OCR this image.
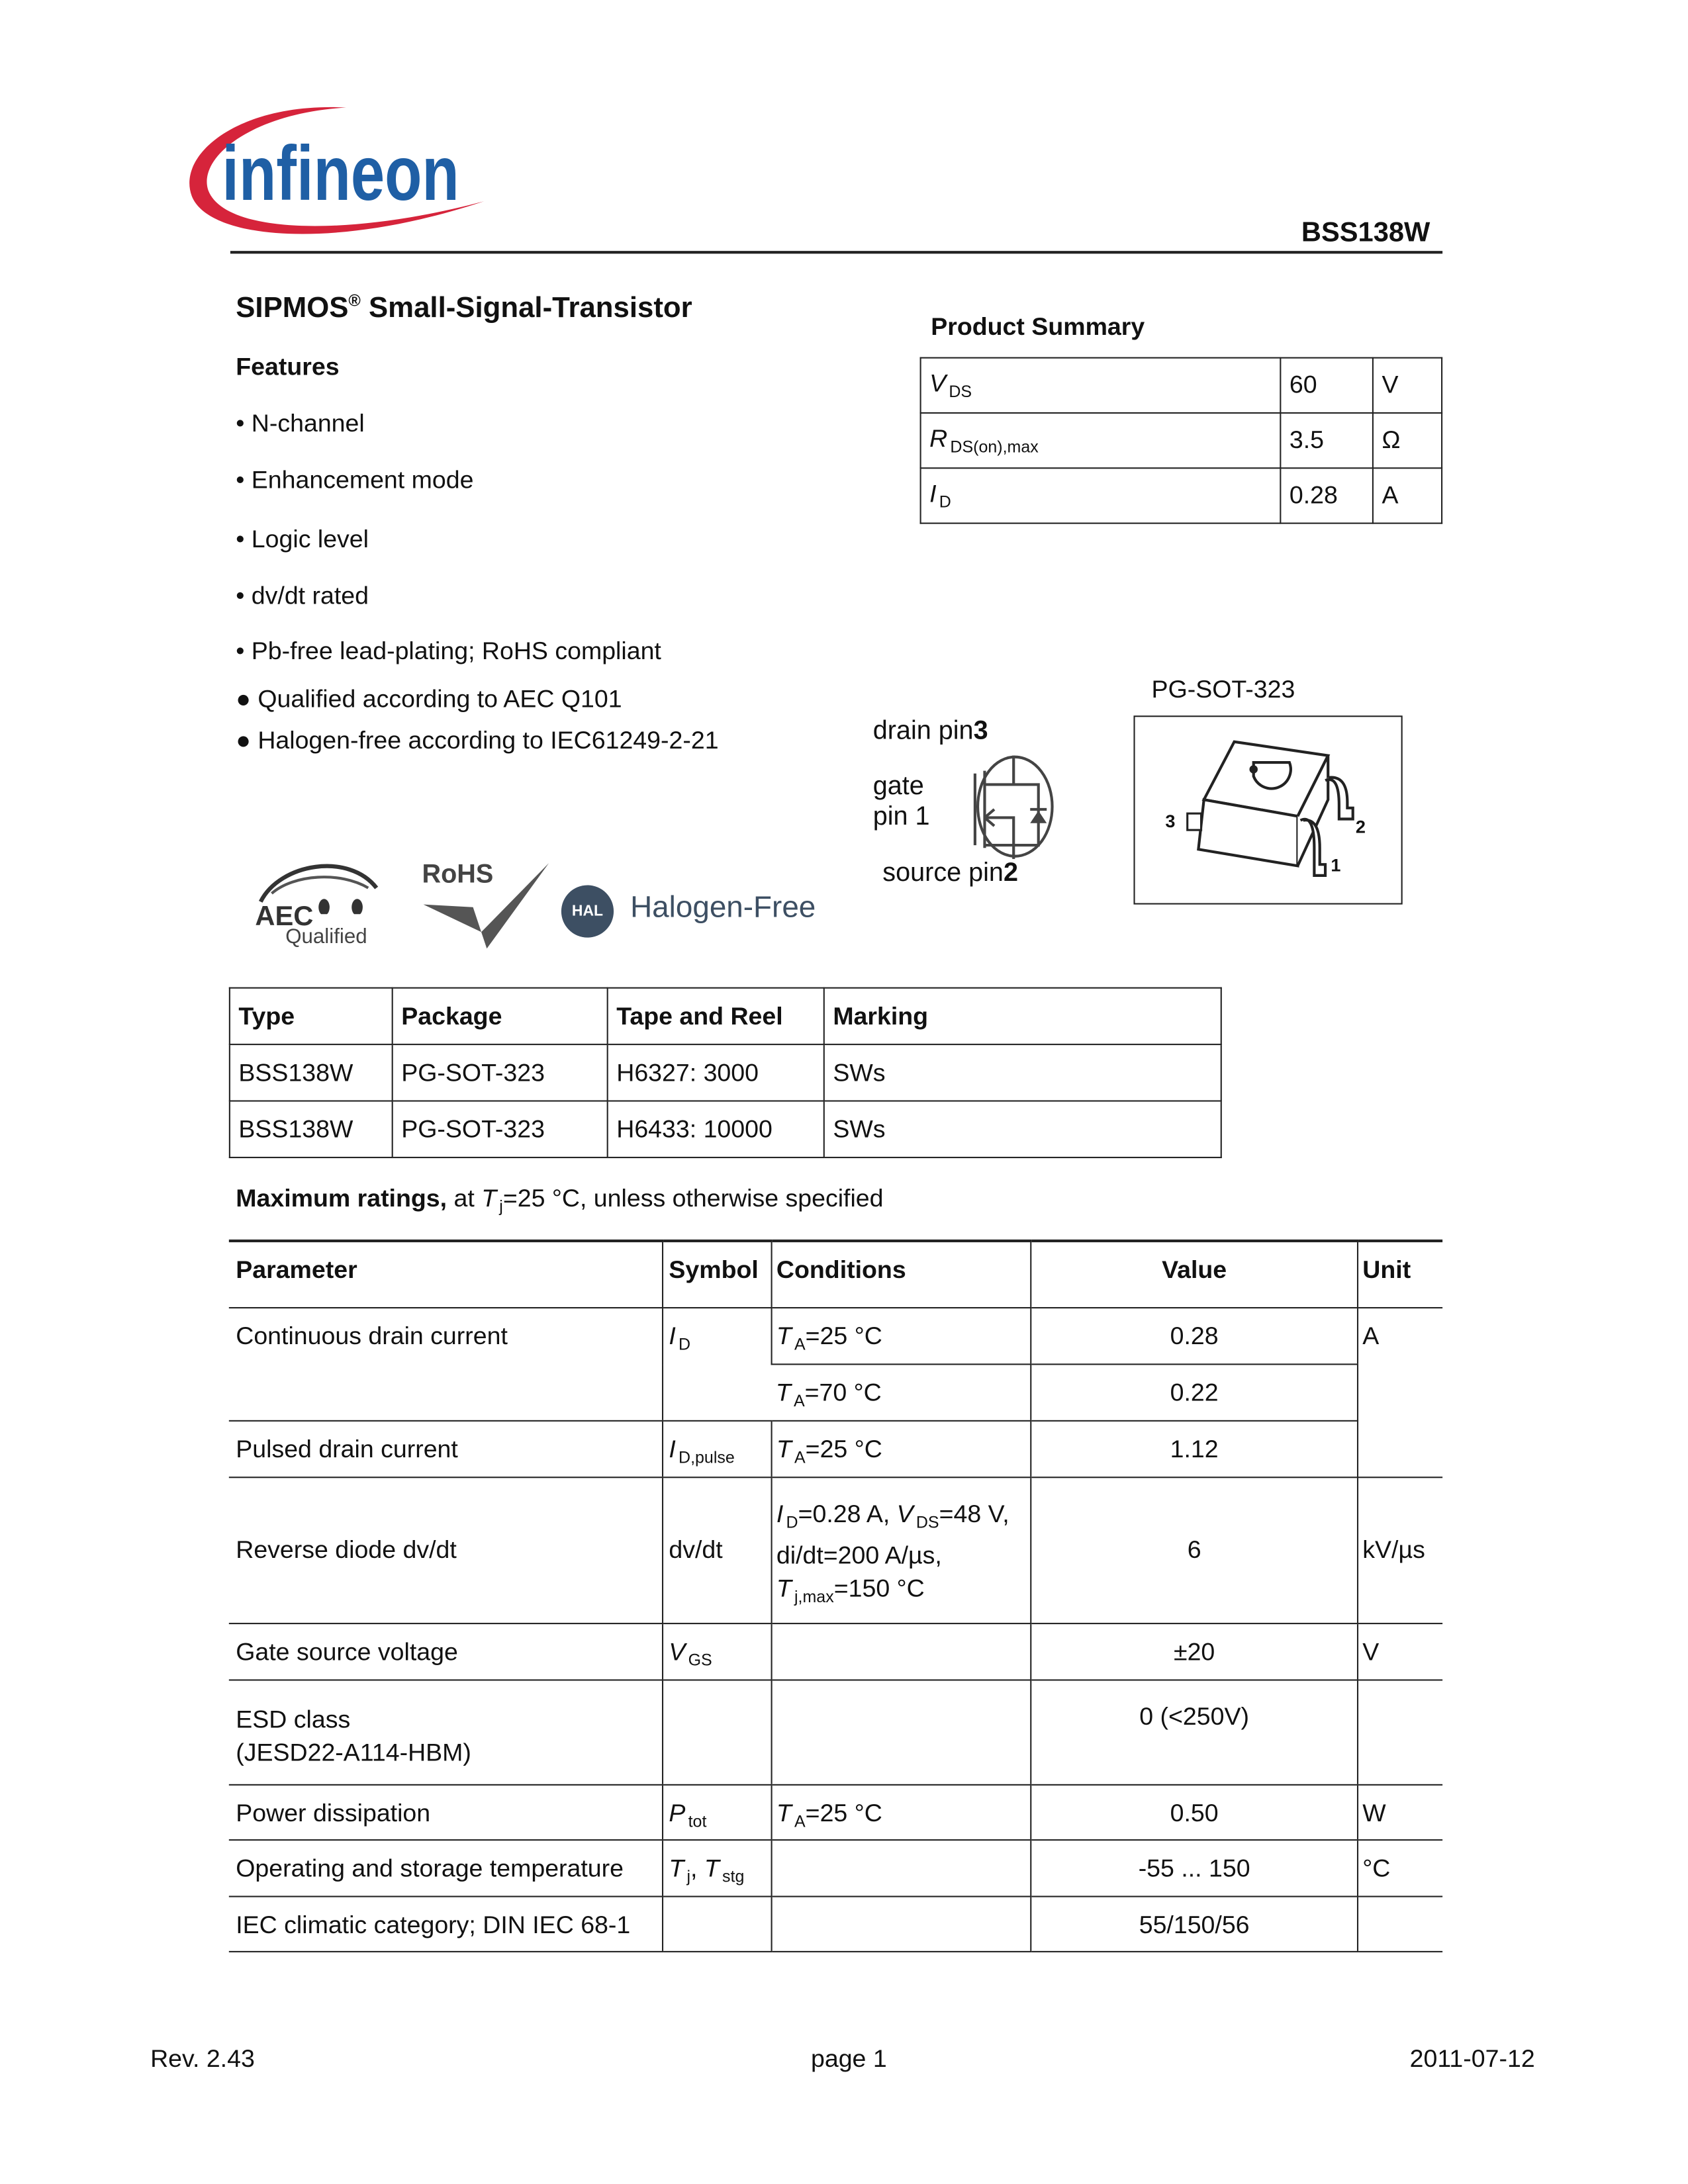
infineon
BSS138W
SIPMOS® Small-Signal-Transistor
Features
• N-channel
• Enhancement mode
• Logic level
• dv/dt rated
• Pb-free lead-plating; RoHS compliant
● Qualified according to AEC Q101
● Halogen-free according to IEC61249-2-21
Product Summary
V $_{DS}$	60	V
R $_{DS(on),max}$	3.5	Ω
I $_D$	0.28	A
drain pin3
gate
pin 1
source pin2
PG-SOT-323
3	2
1
AEC
Qualified
RoHS
HAL	Halogen-Free
Type	Package	Tape and Reel	Marking
BSS138W	PG-SOT-323	H6327: 3000	SWs
BSS138W	PG-SOT-323	H6433: 10000	SWs
Maximum ratings, at T $_j$=25 °C, unless otherwise specified
Parameter	Symbol	Conditions	Value	Unit
Continuous drain current	I $_D$	T $_A$=25 °C	0.28	A
		T $_A$=70 °C	0.22	
Pulsed drain current	I $_{D,pulse}$	T $_A$=25 °C	1.12	
Reverse diode dv/dt	dv/dt	I $_D$=0.28 A, V $_{DS}$=48 V,
di/dt=200 A/µs,
T $_{j,max}$=150 °C	6	kV/µs
Gate source voltage	V $_{GS}$		±20	V
ESD class
(JESD22-A114-HBM)			0 (<250V)	
Power dissipation	P $_{tot}$	T $_A$=25 °C	0.50	W
Operating and storage temperature	T $_j$, T $_{stg}$		-55 ... 150	°C
IEC climatic category; DIN IEC 68-1			55/150/56	
Rev. 2.43	page 1	2011-07-12
